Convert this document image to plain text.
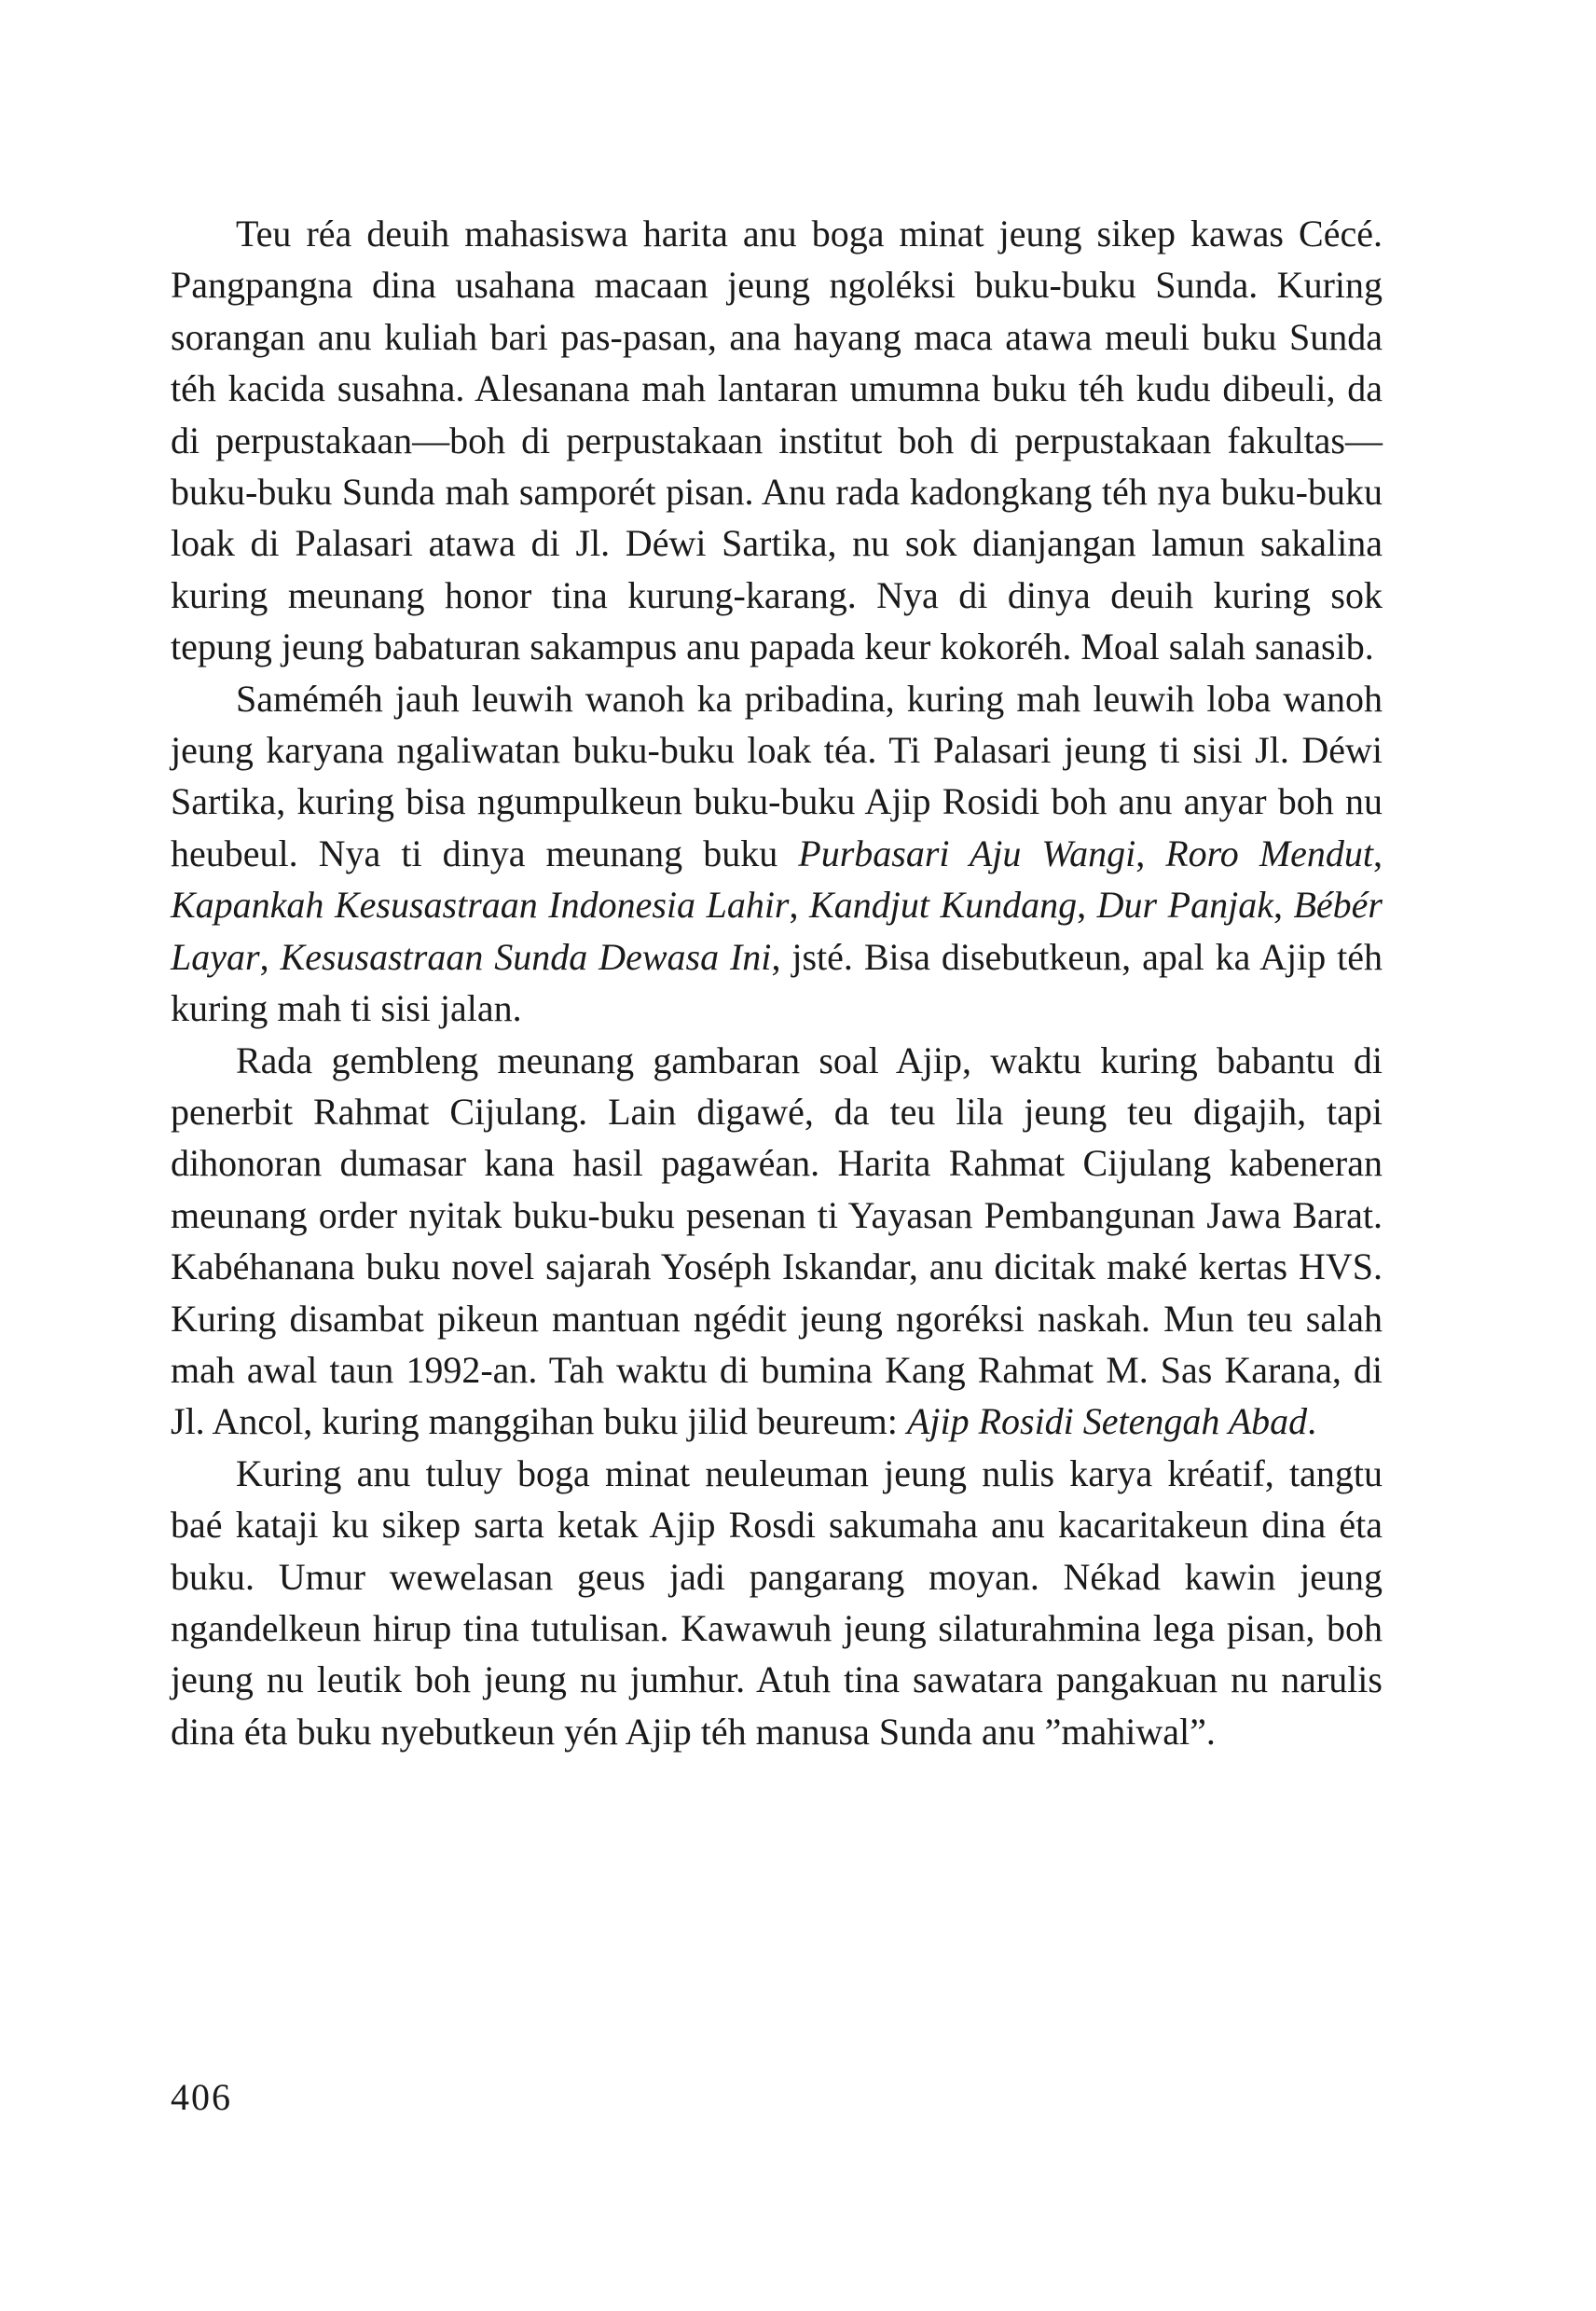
Teu réa deuih mahasiswa harita anu boga minat jeung sikep kawas Cécé. Pangpangna dina usahana macaan jeung ngoléksi buku-buku Sunda. Kuring sorangan anu kuliah bari pas-pasan, ana hayang maca atawa meuli buku Sunda téh kacida susahna. Alesanana mah lantaran umumna buku téh kudu dibeuli, da di perpustakaan—boh di perpustakaan institut boh di perpustakaan fakultas—buku-buku Sunda mah samporét pisan. Anu rada kadongkang téh nya buku-buku loak di Palasari atawa di Jl. Déwi Sartika, nu sok dianjangan lamun sakalina kuring meunang honor tina kurung-karang. Nya di dinya deuih kuring sok tepung jeung babaturan sakampus anu papada keur kokoréh. Moal salah sanasib.

Saméméh jauh leuwih wanoh ka pribadina, kuring mah leuwih loba wanoh jeung karyana ngaliwatan buku-buku loak téa. Ti Palasari jeung ti sisi Jl. Déwi Sartika, kuring bisa ngumpulkeun buku-buku Ajip Rosidi boh anu anyar boh nu heubeul. Nya ti dinya meunang buku Purbasari Aju Wangi, Roro Mendut, Kapankah Kesusastraan Indonesia Lahir, Kandjut Kundang, Dur Panjak, Bébér Layar, Kesusastraan Sunda Dewasa Ini, jsté. Bisa disebutkeun, apal ka Ajip téh kuring mah ti sisi jalan.

Rada gembleng meunang gambaran soal Ajip, waktu kuring babantu di penerbit Rahmat Cijulang. Lain digawé, da teu lila jeung teu digajih, tapi dihonoran dumasar kana hasil pagawéan. Harita Rahmat Cijulang kabeneran meunang order nyitak buku-buku pesenan ti Yayasan Pembangunan Jawa Barat. Kabéhanana buku novel sajarah Yoséph Iskandar, anu dicitak maké kertas HVS. Kuring disambat pikeun mantuan ngédit jeung ngoréksi naskah. Mun teu salah mah awal taun 1992-an. Tah waktu di bumina Kang Rahmat M. Sas Karana, di Jl. Ancol, kuring manggihan buku jilid beureum: Ajip Rosidi Setengah Abad.

Kuring anu tuluy boga minat neuleuman jeung nulis karya kréatif, tangtu baé kataji ku sikep sarta ketak Ajip Rosdi sakumaha anu kacaritakeun dina éta buku. Umur wewelasan geus jadi pangarang moyan. Nékad kawin jeung ngandelkeun hirup tina tutulisan. Kawawuh jeung silaturahmina lega pisan, boh jeung nu leutik boh jeung nu jumhur. Atuh tina sawatara pangakuan nu narulis dina éta buku nyebutkeun yén Ajip téh manusa Sunda anu ”mahiwal”.

406
